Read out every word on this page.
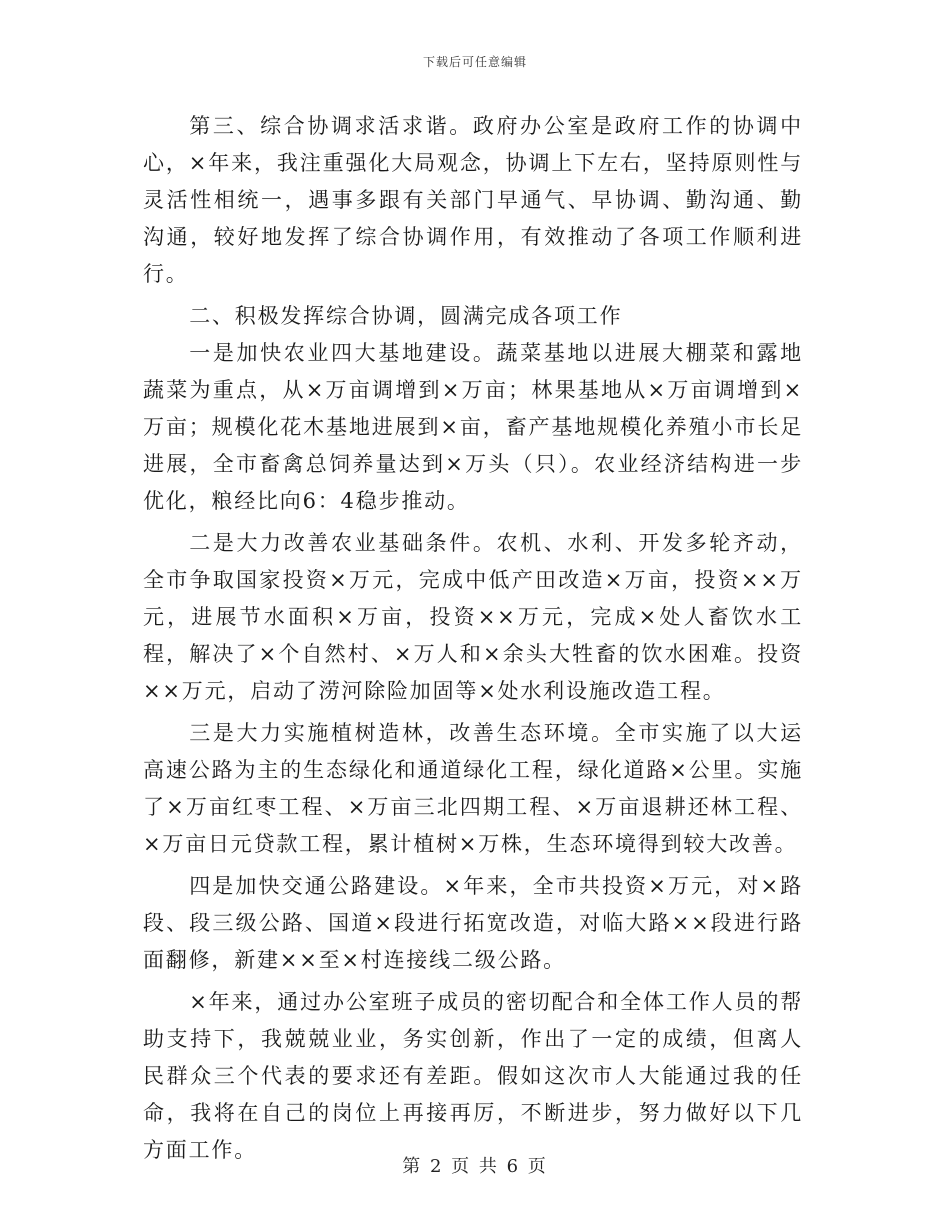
下载后可任意编辑

第三、综合协调求活求谐。政府办公室是政府工作的协调中心，×年来，我注重强化大局观念，协调上下左右，坚持原则性与灵活性相统一，遇事多跟有关部门早通气、早协调、勤沟通、勤沟通，较好地发挥了综合协调作用，有效推动了各项工作顺利进行。

二、积极发挥综合协调，圆满完成各项工作

一是加快农业四大基地建设。蔬菜基地以进展大棚菜和露地蔬菜为重点，从×万亩调增到×万亩；林果基地从×万亩调增到×万亩；规模化花木基地进展到×亩，畜产基地规模化养殖小市长足进展，全市畜禽总饲养量达到×万头（只）。农业经济结构进一步优化，粮经比向6：4稳步推动。

二是大力改善农业基础条件。农机、水利、开发多轮齐动，全市争取国家投资×万元，完成中低产田改造×万亩，投资××万元，进展节水面积×万亩，投资××万元，完成×处人畜饮水工程，解决了×个自然村、×万人和×余头大牲畜的饮水困难。投资××万元，启动了涝河除险加固等×处水利设施改造工程。

三是大力实施植树造林，改善生态环境。全市实施了以大运高速公路为主的生态绿化和通道绿化工程，绿化道路×公里。实施了×万亩红枣工程、×万亩三北四期工程、×万亩退耕还林工程、×万亩日元贷款工程，累计植树×万株，生态环境得到较大改善。

四是加快交通公路建设。×年来，全市共投资×万元，对×路段、段三级公路、国道×段进行拓宽改造，对临大路××段进行路面翻修，新建××至×村连接线二级公路。

×年来，通过办公室班子成员的密切配合和全体工作人员的帮助支持下，我兢兢业业，务实创新，作出了一定的成绩，但离人民群众三个代表的要求还有差距。假如这次市人大能通过我的任命，我将在自己的岗位上再接再厉，不断进步，努力做好以下几方面工作。

第 2 页 共 6 页
